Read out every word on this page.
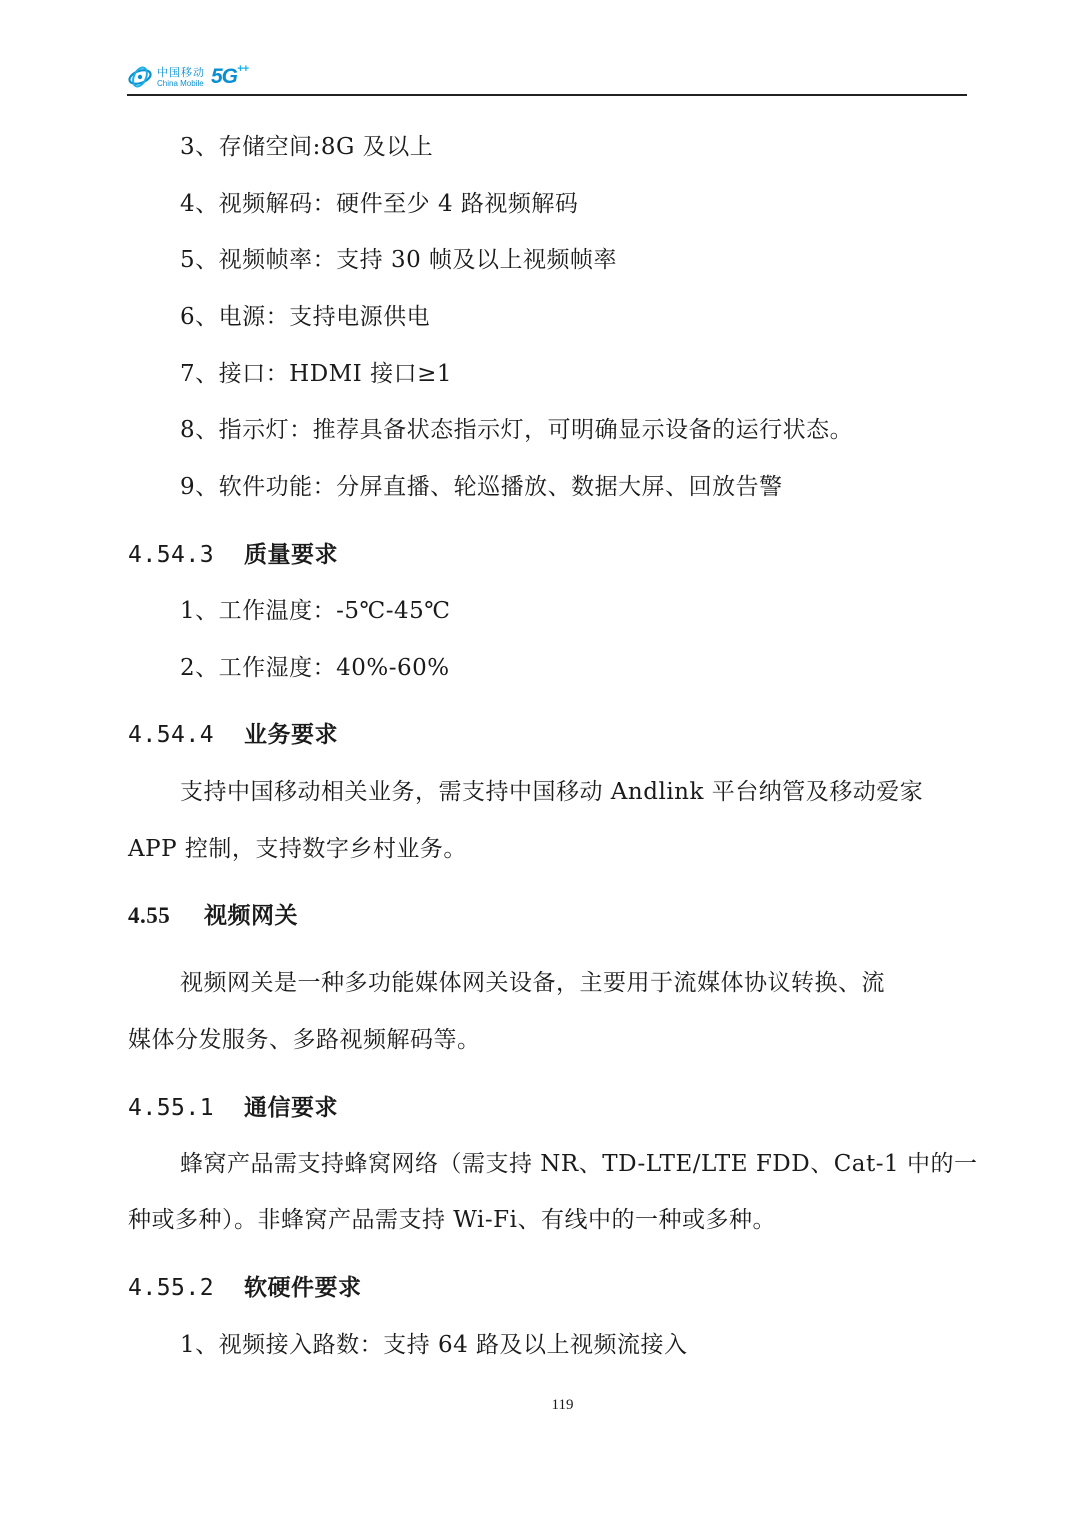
中国移动
China Mobile 5G++
3、存储空间:8G 及以上
4、视频解码：硬件至少 4 路视频解码
5、视频帧率：支持 30 帧及以上视频帧率
6、电源：支持电源供电
7、接口：HDMI 接口≥1
8、指示灯：推荐具备状态指示灯，可明确显示设备的运行状态。
9、软件功能：分屏直播、轮巡播放、数据大屏、回放告警
4.54.3 质量要求
1、工作温度：-5℃-45℃
2、工作湿度：40%-60%
4.54.4 业务要求
支持中国移动相关业务，需支持中国移动 Andlink 平台纳管及移动爱家
APP 控制，支持数字乡村业务。
4.55 视频网关
视频网关是一种多功能媒体网关设备，主要用于流媒体协议转换、流
媒体分发服务、多路视频解码等。
4.55.1 通信要求
蜂窝产品需支持蜂窝网络（需支持 NR、TD-LTE/LTE FDD、Cat-1 中的一
种或多种）。非蜂窝产品需支持 Wi-Fi、有线中的一种或多种。
4.55.2 软硬件要求
1、视频接入路数：支持 64 路及以上视频流接入
119
